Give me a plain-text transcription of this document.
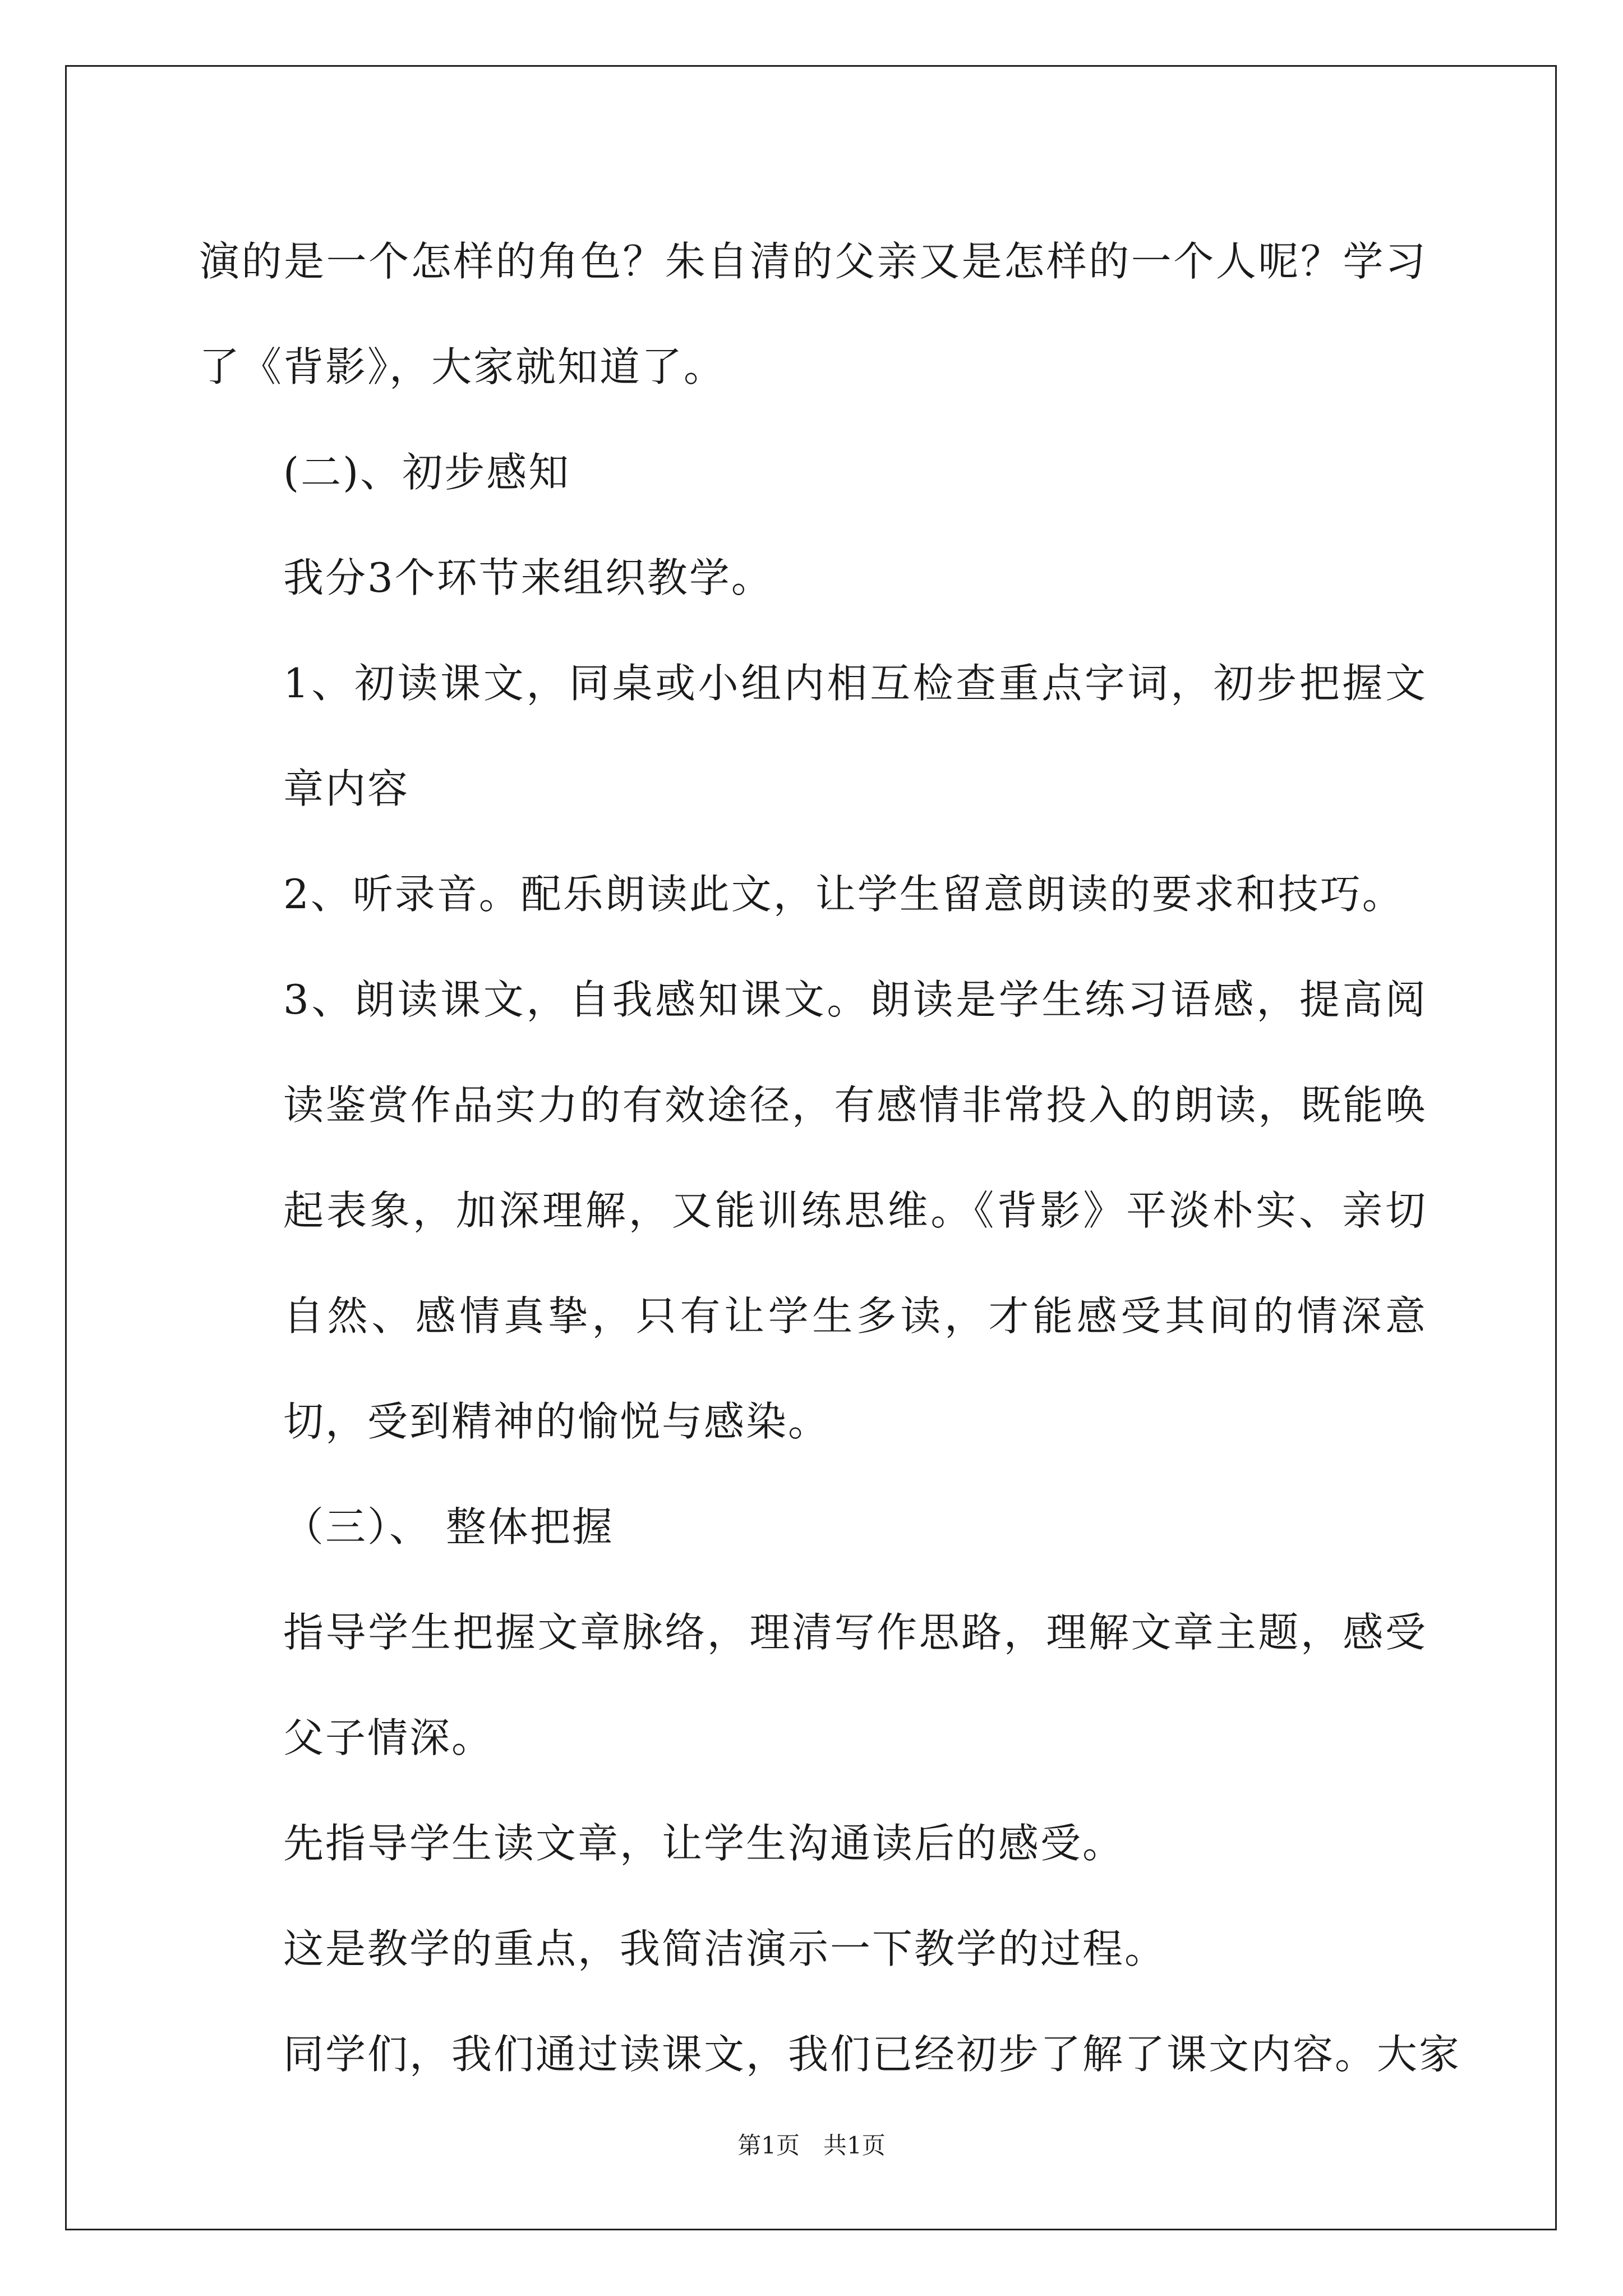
演的是一个怎样的角色？朱自清的父亲又是怎样的一个人呢？学习了《背影》，大家就知道了。

(二)、初步感知

我分3个环节来组织教学。

1、初读课文，同桌或小组内相互检查重点字词，初步把握文章内容

2、听录音。配乐朗读此文，让学生留意朗读的要求和技巧。

3、朗读课文，自我感知课文。朗读是学生练习语感，提高阅读鉴赏作品实力的有效途径，有感情非常投入的朗读，既能唤起表象，加深理解，又能训练思维。《背影》平淡朴实、亲切自然、感情真挚，只有让学生多读，才能感受其间的情深意切，受到精神的愉悦与感染。

（三）、 整体把握

指导学生把握文章脉络，理清写作思路，理解文章主题，感受父子情深。

先指导学生读文章，让学生沟通读后的感受。

这是教学的重点，我简洁演示一下教学的过程。

同学们，我们通过读课文，我们已经初步了解了课文内容。大家

第1页　共1页
